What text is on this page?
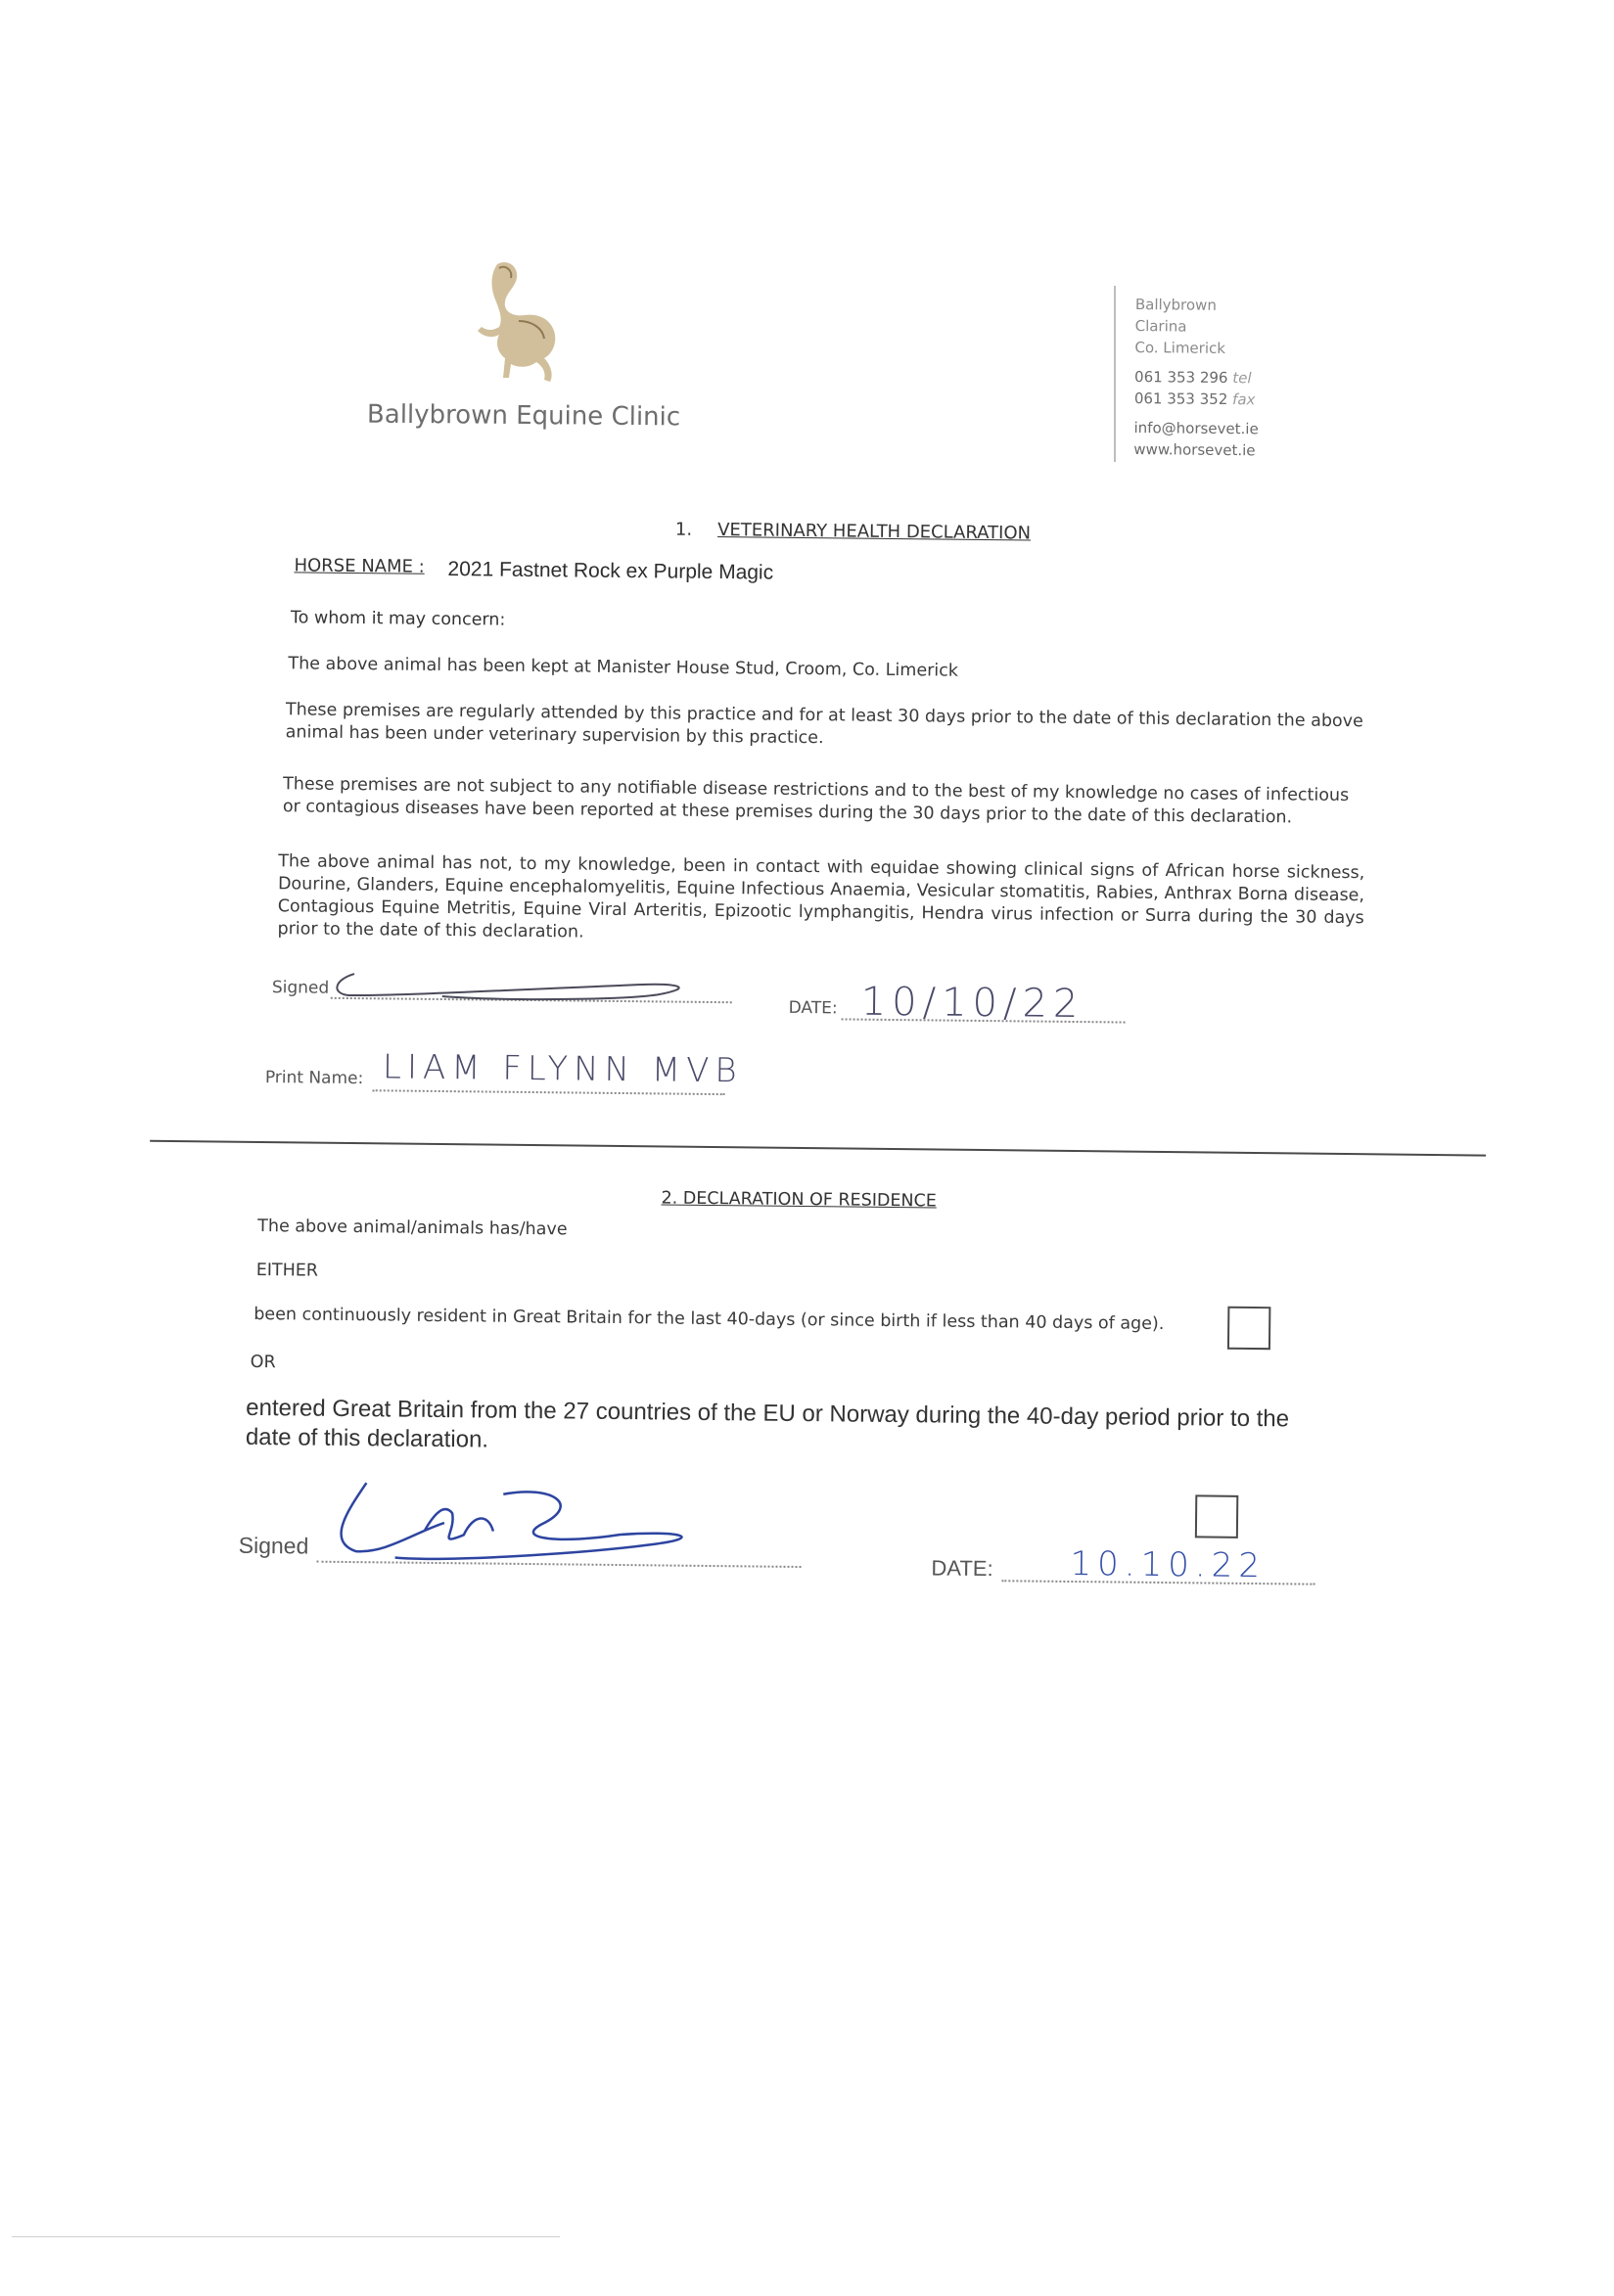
Ballybrown Equine Clinic
Ballybrown
Clarina
Co. Limerick
061 353 296 tel
061 353 352 fax
info@horsevet.ie
www.horsevet.ie
1. VETERINARY HEALTH DECLARATION
HORSE NAME : 2021 Fastnet Rock ex Purple Magic
To whom it may concern:
The above animal has been kept at Manister House Stud, Croom, Co. Limerick
These premises are regularly attended by this practice and for at least 30 days prior to the date of this declaration the above animal has been under veterinary supervision by this practice.
These premises are not subject to any notifiable disease restrictions and to the best of my knowledge no cases of infectious or contagious diseases have been reported at these premises during the 30 days prior to the date of this declaration.
The above animal has not, to my knowledge, been in contact with equidae showing clinical signs of African horse sickness, Dourine, Glanders, Equine encephalomyelitis, Equine Infectious Anaemia, Vesicular stomatitis, Rabies, Anthrax Borna disease, Contagious Equine Metritis, Equine Viral Arteritis, Epizootic lymphangitis, Hendra virus infection or Surra during the 30 days prior to the date of this declaration.
Signed
DATE: 10/10/22
Print Name: LIAM FLYNN MVB
2. DECLARATION OF RESIDENCE
The above animal/animals has/have
EITHER
been continuously resident in Great Britain for the last 40-days (or since birth if less than 40 days of age).
OR
entered Great Britain from the 27 countries of the EU or Norway during the 40-day period prior to the date of this declaration.
Signed
DATE: 10.10.22
